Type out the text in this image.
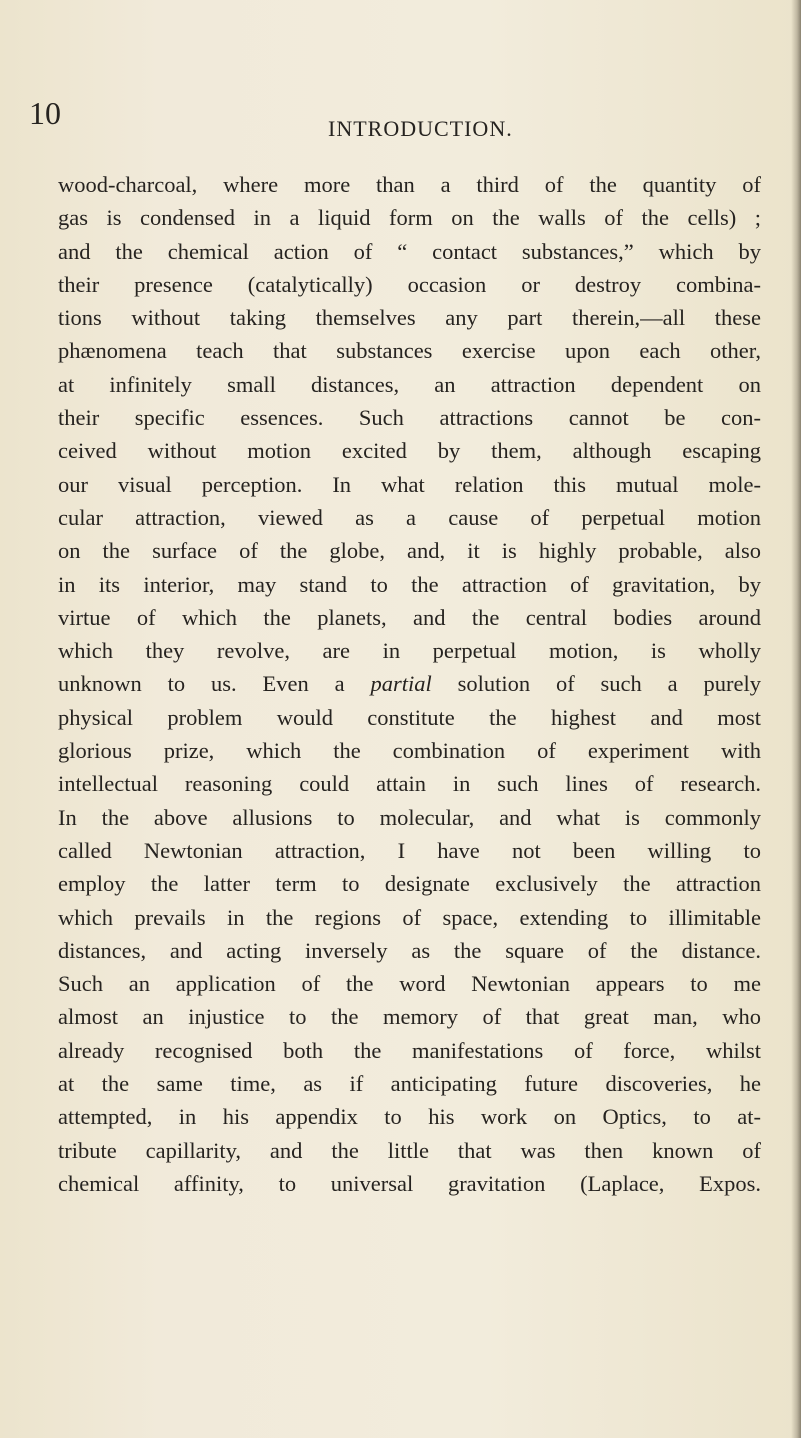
10	INTRODUCTION.
wood-charcoal, where more than a third of the quantity of
gas is condensed in a liquid form on the walls of the cells) ;
and the chemical action of “ contact substances,” which by
their presence (catalytically) occasion or destroy combina-
tions without taking themselves any part therein,—all these
phænomena teach that substances exercise upon each other,
at infinitely small distances, an attraction dependent on
their specific essences. Such attractions cannot be con-
ceived without motion excited by them, although escaping
our visual perception. In what relation this mutual mole-
cular attraction, viewed as a cause of perpetual motion
on the surface of the globe, and, it is highly probable, also
in its interior, may stand to the attraction of gravitation, by
virtue of which the planets, and the central bodies around
which they revolve, are in perpetual motion, is wholly
unknown to us. Even a partial solution of such a purely
physical problem would constitute the highest and most
glorious prize, which the combination of experiment with
intellectual reasoning could attain in such lines of research.
In the above allusions to molecular, and what is commonly
called Newtonian attraction, I have not been willing to
employ the latter term to designate exclusively the attraction
which prevails in the regions of space, extending to illimitable
distances, and acting inversely as the square of the distance.
Such an application of the word Newtonian appears to me
almost an injustice to the memory of that great man, who
already recognised both the manifestations of force, whilst
at the same time, as if anticipating future discoveries, he
attempted, in his appendix to his work on Optics, to at-
tribute capillarity, and the little that was then known of
chemical affinity, to universal gravitation (Laplace, Expos.
